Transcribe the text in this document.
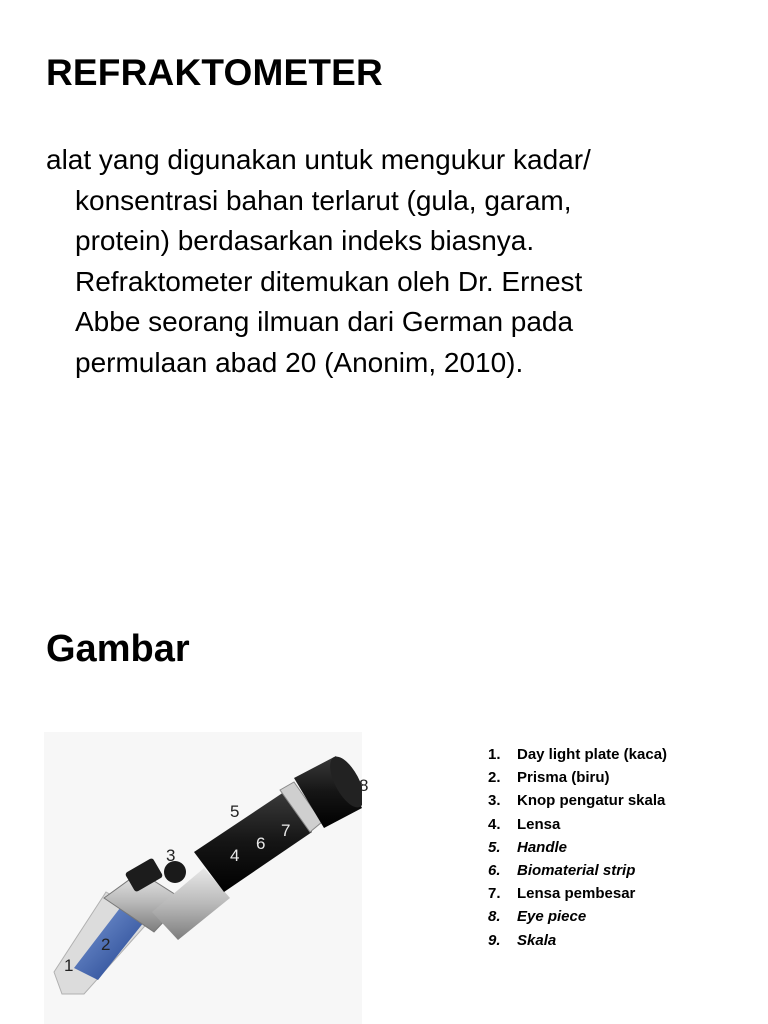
REFRAKTOMETER
alat yang digunakan untuk mengukur kadar/
konsentrasi bahan terlarut (gula, garam,
protein) berdasarkan indeks biasnya.
Refraktometer ditemukan oleh Dr. Ernest
Abbe seorang ilmuan dari German pada
permulaan abad 20 (Anonim, 2010).
Gambar
1
2
3	4
5
6
7
8
1.	Day light plate (kaca)
2.	Prisma (biru)
3.	Knop pengatur skala
4.	Lensa
5.	Handle
6.	Biomaterial strip
7.	Lensa pembesar
8.	Eye piece
9.	Skala
